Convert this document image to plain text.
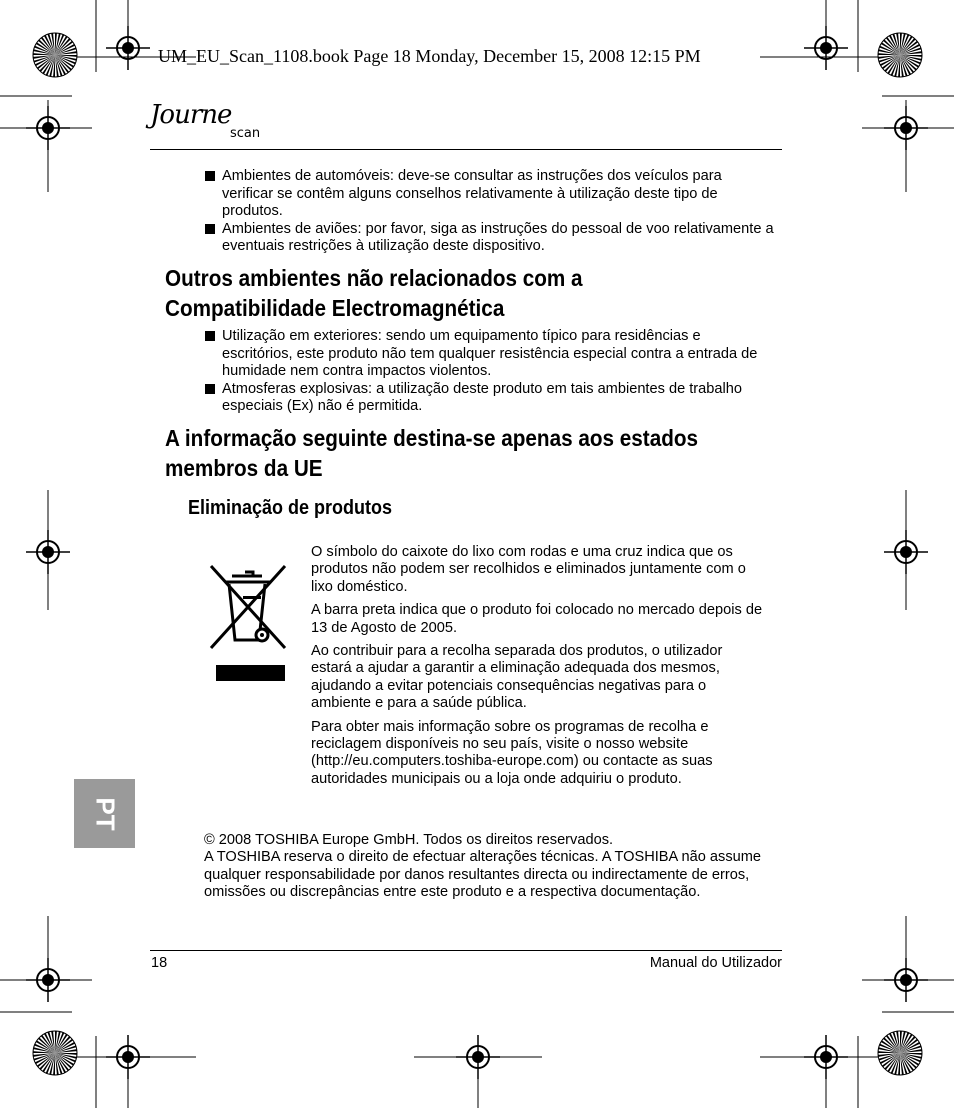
UM_EU_Scan_1108.book Page 18 Monday, December 15, 2008 12:15 PM
Journe
scan
Ambientes de automóveis: deve-se consultar as instruções dos veículos para verificar se contêm alguns conselhos relativamente à utilização deste tipo de produtos.
Ambientes de aviões: por favor, siga as instruções do pessoal de voo relativamente a eventuais restrições à utilização deste dispositivo.
Outros ambientes não relacionados com a
Compatibilidade Electromagnética
Utilização em exteriores: sendo um equipamento típico para residências e escritórios, este produto não tem qualquer resistência especial contra a entrada de humidade nem contra impactos violentos.
Atmosferas explosivas: a utilização deste produto em tais ambientes de trabalho especiais (Ex) não é permitida.
A informação seguinte destina-se apenas aos estados
membros da UE
Eliminação de produtos

O símbolo do caixote do lixo com rodas e uma cruz indica que os produtos não podem ser recolhidos e eliminados juntamente com o lixo doméstico.

A barra preta indica que o produto foi colocado no mercado depois de 13 de Agosto de 2005.

Ao contribuir para a recolha separada dos produtos, o utilizador estará a ajudar a garantir a eliminação adequada dos mesmos, ajudando a evitar potenciais consequências negativas para o ambiente e para a saúde pública.

Para obter mais informação sobre os programas de recolha e reciclagem disponíveis no seu país, visite o nosso website (http://eu.computers.toshiba-europe.com) ou contacte as suas autoridades municipais ou a loja onde adquiriu o produto.

PT
© 2008 TOSHIBA Europe GmbH. Todos os direitos reservados.
A TOSHIBA reserva o direito de efectuar alterações técnicas. A TOSHIBA não assume qualquer responsabilidade por danos resultantes directa ou indirectamente de erros, omissões ou discrepâncias entre este produto e a respectiva documentação.
18	Manual do Utilizador
